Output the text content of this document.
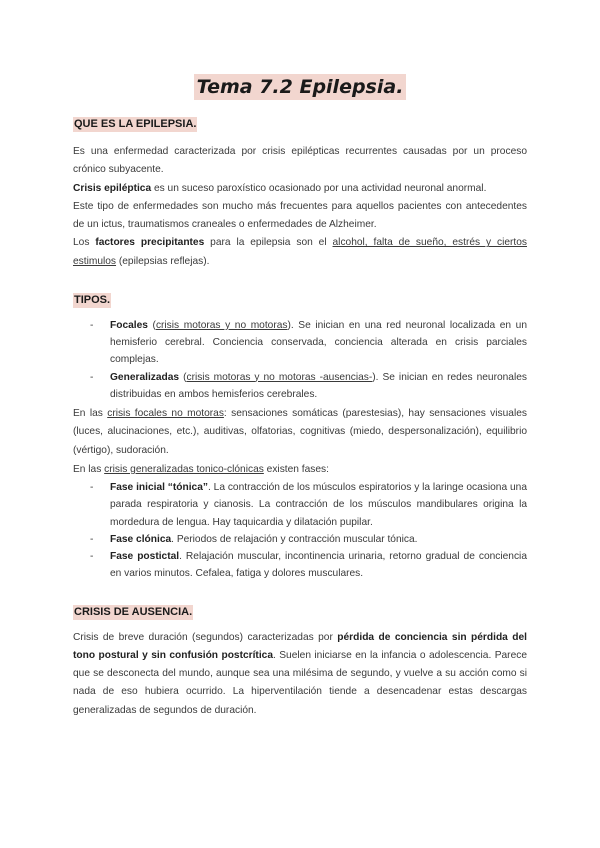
Tema 7.2 Epilepsia.
QUE ES LA EPILEPSIA.

Es una enfermedad caracterizada por crisis epilépticas recurrentes causadas por un proceso crónico subyacente.

Crisis epiléptica es un suceso paroxístico ocasionado por una actividad neuronal anormal.

Este tipo de enfermedades son mucho más frecuentes para aquellos pacientes con antecedentes de un ictus, traumatismos craneales o enfermedades de Alzheimer.

Los factores precipitantes para la epilepsia son el alcohol, falta de sueño, estrés y ciertos estimulos (epilepsias reflejas).

TIPOS.
- Focales (crisis motoras y no motoras). Se inician en una red neuronal localizada en un hemisferio cerebral. Conciencia conservada, conciencia alterada en crisis parciales complejas.
- Generalizadas (crisis motoras y no motoras -ausencias-). Se inician en redes neuronales distribuidas en ambos hemisferios cerebrales.

En las crisis focales no motoras: sensaciones somáticas (parestesias), hay sensaciones visuales (luces, alucinaciones, etc.), auditivas, olfatorias, cognitivas (miedo, despersonalización), equilibrio (vértigo), sudoración.

En las crisis generalizadas tonico-clónicas existen fases:

- Fase inicial “tónica”. La contracción de los músculos espiratorios y la laringe ocasiona una parada respiratoria y cianosis. La contracción de los músculos mandibulares origina la mordedura de lengua. Hay taquicardia y dilatación pupilar.
- Fase clónica. Periodos de relajación y contracción muscular tónica.
- Fase postictal. Relajación muscular, incontinencia urinaria, retorno gradual de conciencia en varios minutos. Cefalea, fatiga y dolores musculares.
CRISIS DE AUSENCIA.

Crisis de breve duración (segundos) caracterizadas por pérdida de conciencia sin pérdida del tono postural y sin confusión postcrítica. Suelen iniciarse en la infancia o adolescencia. Parece que se desconecta del mundo, aunque sea una milésima de segundo, y vuelve a su acción como si nada de eso hubiera ocurrido. La hiperventilación tiende a desencadenar estas descargas generalizadas de segundos de duración.
